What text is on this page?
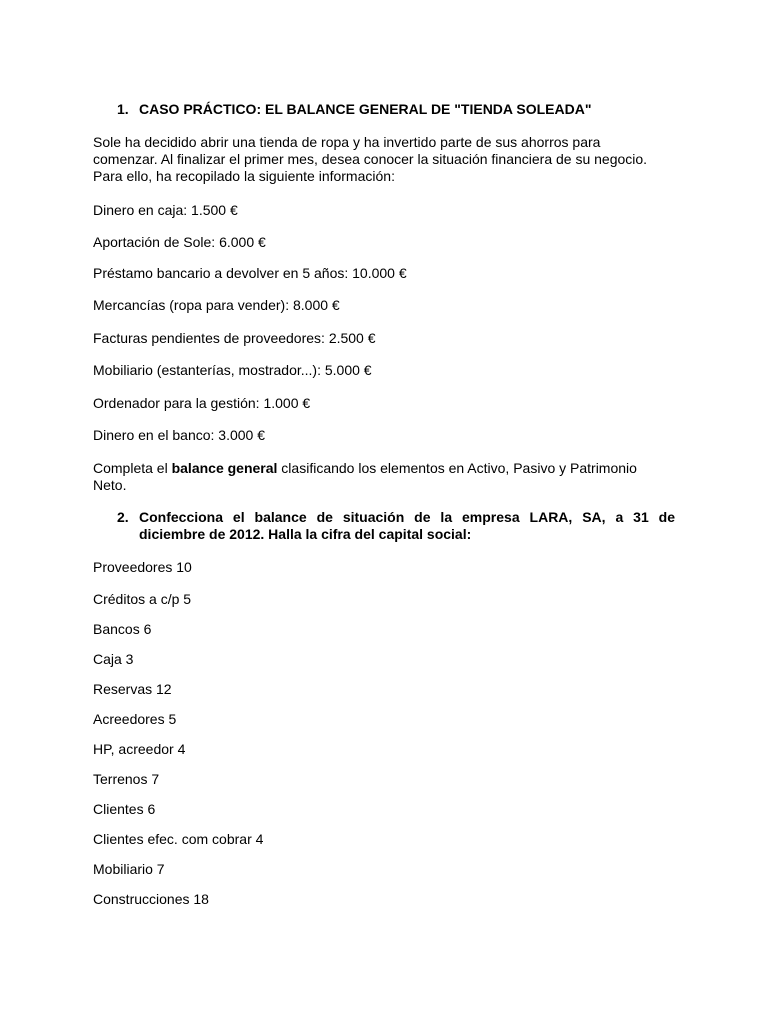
1. CASO PRÁCTICO: EL BALANCE GENERAL DE "TIENDA SOLEADA"
Sole ha decidido abrir una tienda de ropa y ha invertido parte de sus ahorros para
comenzar. Al finalizar el primer mes, desea conocer la situación financiera de su negocio.
Para ello, ha recopilado la siguiente información:
Dinero en caja: 1.500 €
Aportación de Sole: 6.000 €
Préstamo bancario a devolver en 5 años: 10.000 €
Mercancías (ropa para vender): 8.000 €
Facturas pendientes de proveedores: 2.500 €
Mobiliario (estanterías, mostrador...): 5.000 €
Ordenador para la gestión: 1.000 €
Dinero en el banco: 3.000 €
Completa el balance general clasificando los elementos en Activo, Pasivo y Patrimonio
Neto.
2. Confecciona el balance de situación de la empresa LARA, SA, a 31 de
diciembre de 2012. Halla la cifra del capital social:
Proveedores 10
Créditos a c/p 5
Bancos 6
Caja 3
Reservas 12
Acreedores 5
HP, acreedor 4
Terrenos 7
Clientes 6
Clientes efec. com cobrar 4
Mobiliario 7
Construcciones 18
